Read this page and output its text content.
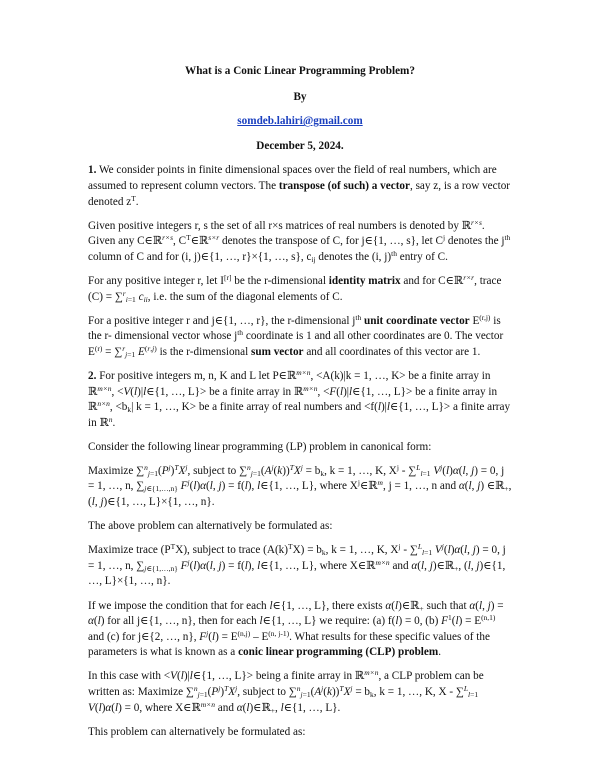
What is a Conic Linear Programming Problem?
By
somdeb.lahiri@gmail.com
December 5, 2024.

1. We consider points in finite dimensional spaces over the field of real numbers, which are assumed to represent column vectors. The transpose (of such) a vector, say z, is a row vector denoted $z^T$.

Given positive integers r, s the set of all r×s matrices of real numbers is denoted by ℝ$^{r\times s}$. Given any C∈ℝ$^{r\times s}$, $C^T\in ℝ^{s\times r}$ denotes the transpose of C, for j∈{1, …, s}, let $C^j$ denotes the $j^{th}$ column of C and for (i, j)∈{1, …, r}×{1, …, s}, $c_{ij}$ denotes the (i, j)$^{th}$ entry of C.

For any positive integer r, let I[r] be the r-dimensional identity matrix and for C∈ℝ$^{r\times r}$, trace (C) = ∑$^r_{i=1}$ $c_{ii}$, i.e. the sum of the diagonal elements of C.

For a positive integer r and j∈{1, …, r}, the r-dimensional $j^{th}$ unit coordinate vector E$^{(r,j)}$ is the r- dimensional vector whose $j^{th}$ coordinate is 1 and all other coordinates are 0. The vector $E^{(r)} = \sum^r_{j=1}$ E$^{(r,j)}$ is the r-dimensional sum vector and all coordinates of this vector are 1.

2. For positive integers m, n, K and L let P∈ℝ$^{m\times n}$, <A(k)|k = 1, …, K> be a finite array in ℝ$^{m\times n}$, <V(l)|l∈{1, …, L}> be a finite array in ℝ$^{m\times n}$, <F(l)|l∈{1, …, L}> be a finite array in ℝ$^{n\times n}$, $<b_k|$ k = 1, …, K> be a finite array of real numbers and <f(l)|l∈{1, …, L}> a finite array in ℝ$^n$.

Consider the following linear programming (LP) problem in canonical form:

Maximize $\sum^n_{j=1}(P^j)^TX^j$, subject to $\sum^n_{j=1}(A^j(k))^TX^j = b_k$, k = 1, …, K, $X^j - \sum^L_{l=1}$ $V^j(l)\alpha(l$, j) = 0, j = 1, …, n, $\sum_{j\in\{1,\dots,n\}}$ $F^j(l)\alpha(l$, j) = f(l), l∈{1, …, L}, where $X^j\in ℝ^m$, j = 1, …, n and α(l, j) ∈ℝ$_+$, (l, j)∈{1, …, L}×{1, …, n}.

The above problem can alternatively be formulated as:

Maximize trace $(P^TX)$, subject to trace $(A(k)^TX) = b_k$, k = 1, …, K, $X^j - \sum^L_{l=1}$ $V^j(l)\alpha(l$, j) = 0, j = 1, …, n, $\sum_{j\in\{1,\dots,n\}}$ $F^j(l)\alpha(l$, j) = f(l), l∈{1, …, L}, where X∈ℝ$^{m\times n}$ and α(l, j)∈ℝ$_+$, (l, j)∈{1, …, L}×{1, …, n}.

If we impose the condition that for each l∈{1, …, L}, there exists α(l)∈ℝ$_+$ such that α(l, j) = α(l) for all j∈{1, …, n}, then for each l∈{1, …, L} we require: (a) f(l) = 0, (b) $F^1(l) = E^{(n,1)}$ and (c) for j∈{2, …, n}, $F^j(l) = E^{(n,j)} - E^{(n, j-1)}$. What results for these specific values of the parameters is what is known as a conic linear programming (CLP) problem.

In this case with <V(l)|l∈{1, …, L}> being a finite array in ℝ$^{m\times n}$, a CLP problem can be written as: Maximize $\sum^n_{j=1}(P^j)^TX^j$, subject to $\sum^n_{j=1}(A^j(k))^TX^j = b_k$, k = 1, …, K, X - ∑$^L_{l=1}$ V(l)α(l) = 0, where X∈ℝ$^{m\times n}$ and α(l)∈ℝ$_+$, l∈{1, …, L}.

This problem can alternatively be formulated as:
